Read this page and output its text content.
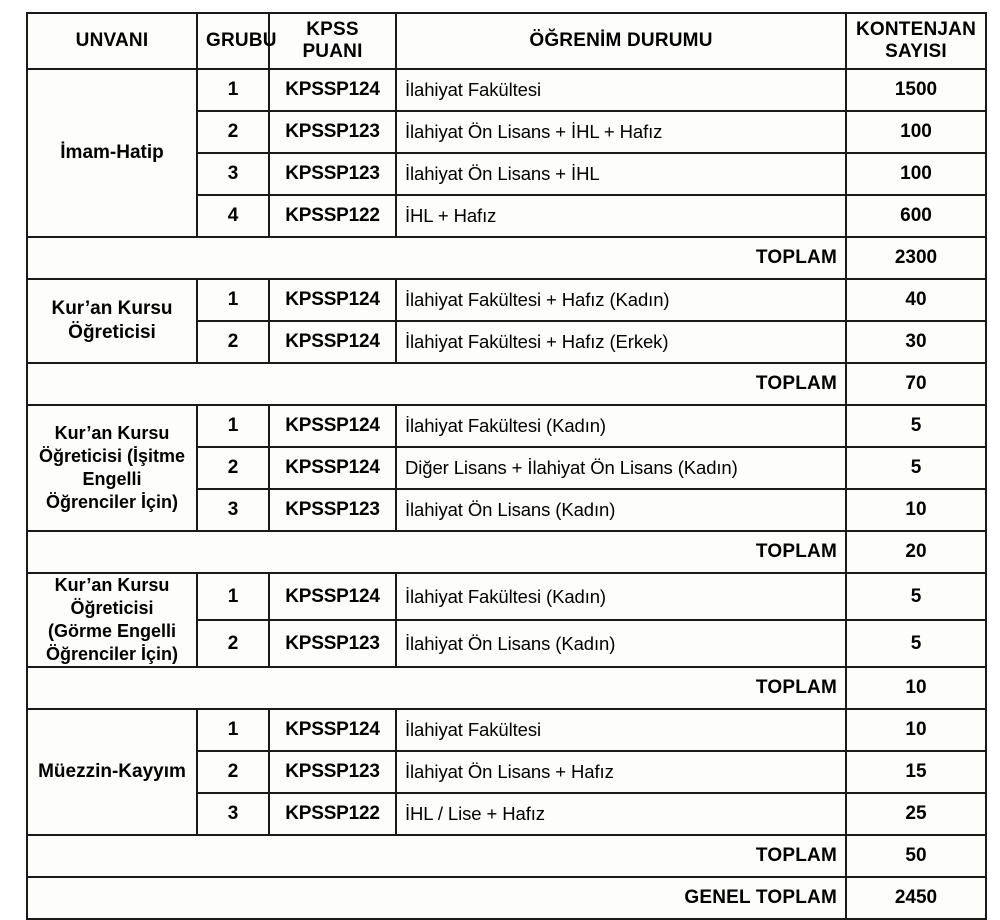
UNVANI	GRUBU	KPSS PUANI	ÖĞRENİM DURUMU	KONTENJAN SAYISI
İmam-Hatip	1	KPSSP124	İlahiyat Fakültesi	1500
	2	KPSSP123	İlahiyat Ön Lisans + İHL + Hafız	100
	3	KPSSP123	İlahiyat Ön Lisans + İHL	100
	4	KPSSP122	İHL + Hafız	600
TOPLAM				2300
Kur’an Kursu Öğreticisi	1	KPSSP124	İlahiyat Fakültesi + Hafız (Kadın)	40
	2	KPSSP124	İlahiyat Fakültesi + Hafız (Erkek)	30
TOPLAM				70
Kur’an Kursu Öğreticisi (İşitme Engelli Öğrenciler İçin)	1	KPSSP124	İlahiyat Fakültesi (Kadın)	5
	2	KPSSP124	Diğer Lisans + İlahiyat Ön Lisans (Kadın)	5
	3	KPSSP123	İlahiyat Ön Lisans (Kadın)	10
TOPLAM				20
Kur’an Kursu Öğreticisi (Görme Engelli Öğrenciler İçin)	1	KPSSP124	İlahiyat Fakültesi (Kadın)	5
	2	KPSSP123	İlahiyat Ön Lisans (Kadın)	5
TOPLAM				10
Müezzin-Kayyım	1	KPSSP124	İlahiyat Fakültesi	10
	2	KPSSP123	İlahiyat Ön Lisans + Hafız	15
	3	KPSSP122	İHL / Lise + Hafız	25
TOPLAM				50
GENEL TOPLAM				2450
